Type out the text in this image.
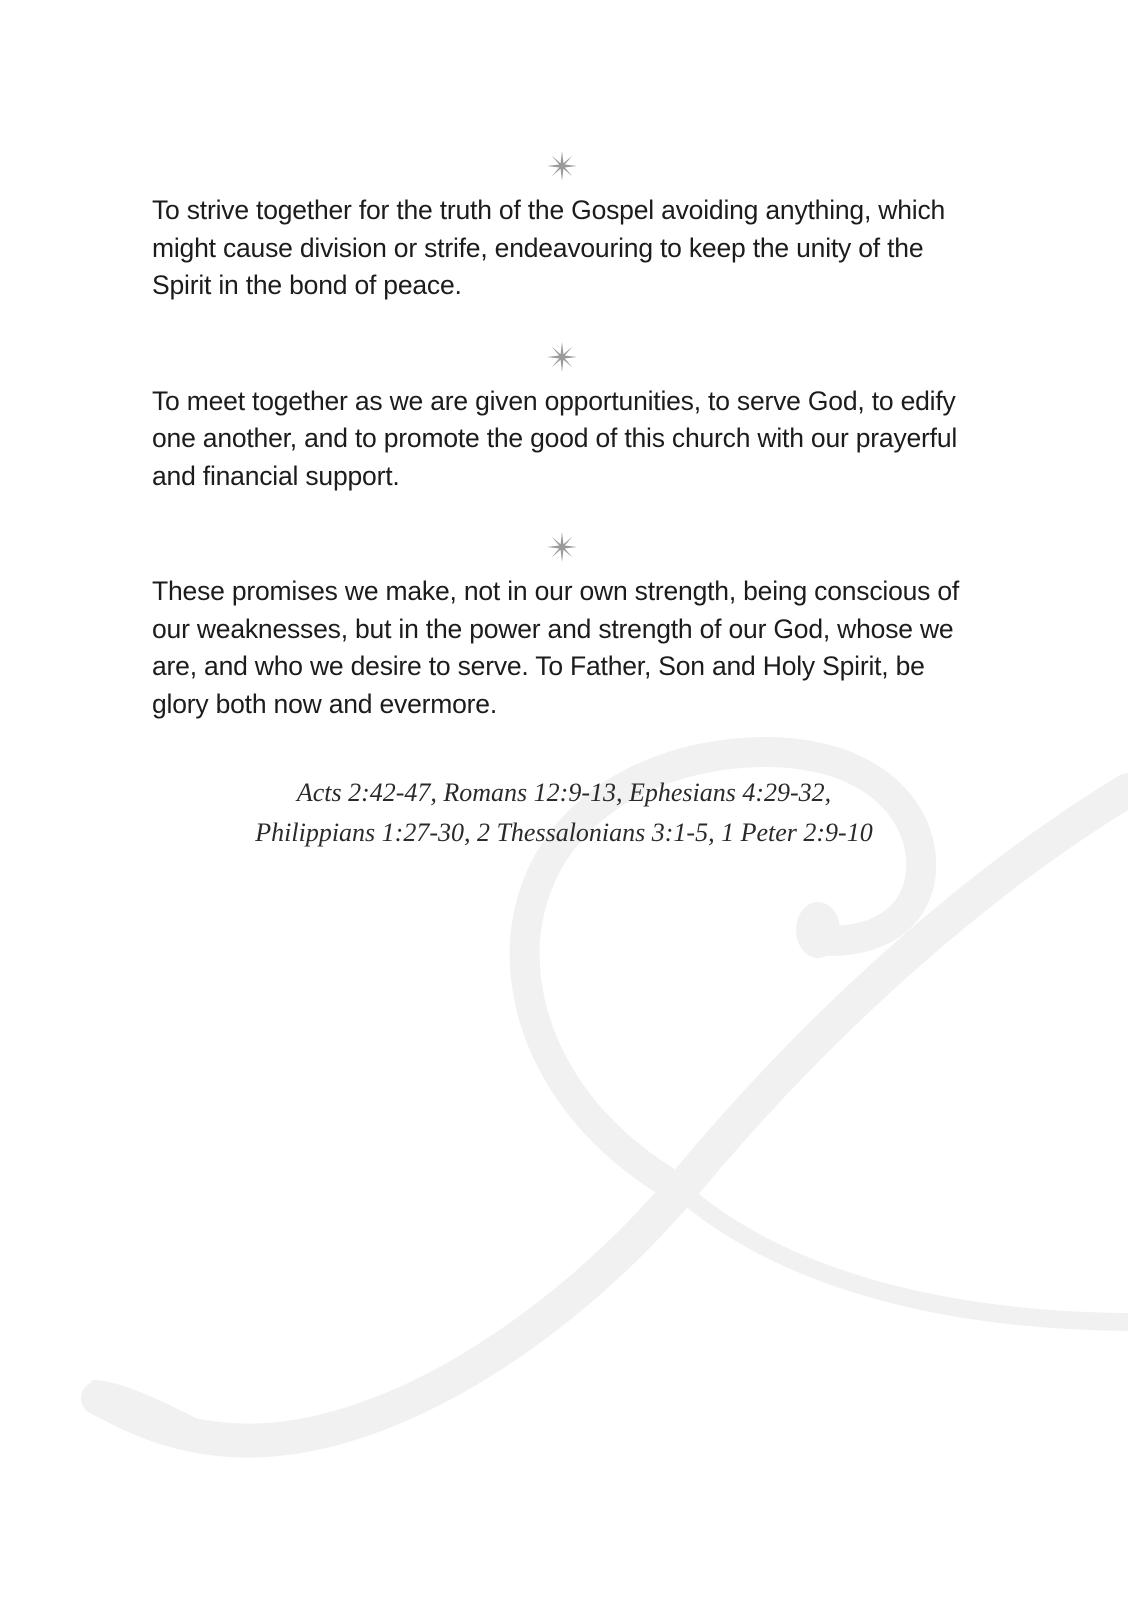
To strive together for the truth of the Gospel avoiding anything, which might cause division or strife, endeavouring to keep the unity of the Spirit in the bond of peace.

To meet together as we are given opportunities, to serve God, to edify one another, and to promote the good of this church with our prayerful and financial support.

These promises we make, not in our own strength, being conscious of our weaknesses, but in the power and strength of our God, whose we are, and who we desire to serve. To Father, Son and Holy Spirit, be glory both now and evermore.

Acts 2:42-47, Romans 12:9-13, Ephesians 4:29-32,
Philippians 1:27-30, 2 Thessalonians 3:1-5, 1 Peter 2:9-10
